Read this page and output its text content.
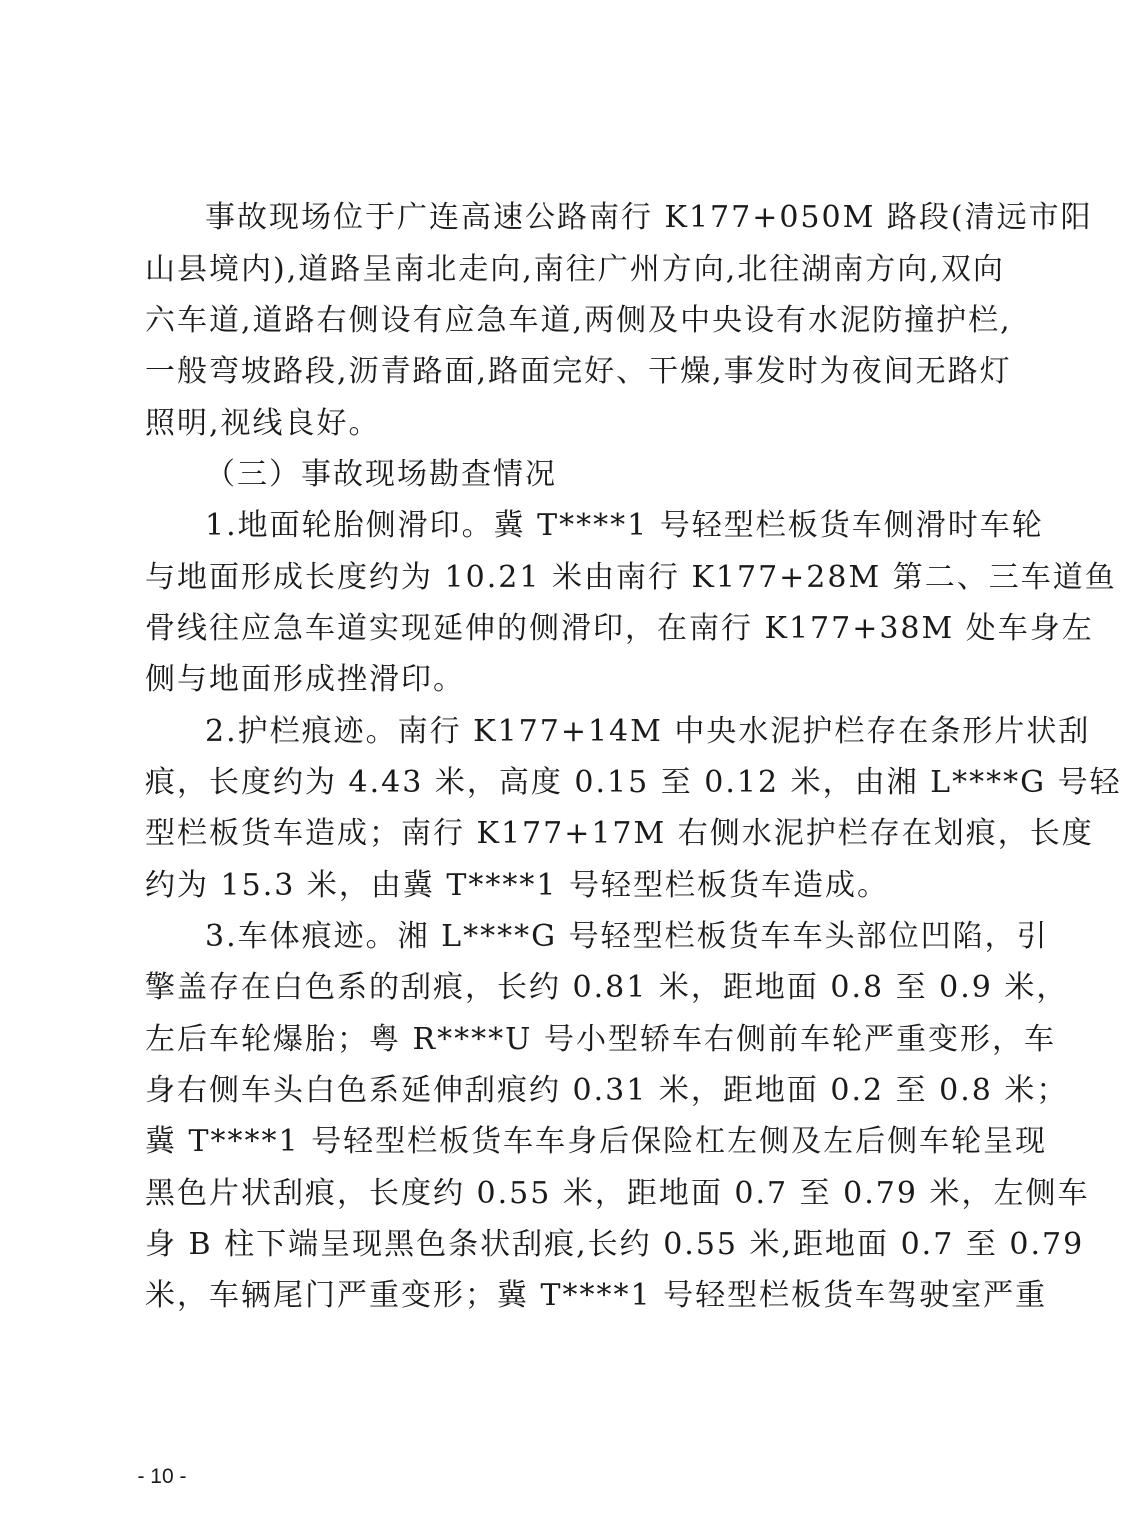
事故现场位于广连高速公路南行 K177+050M 路段(清远市阳
山县境内),道路呈南北走向,南往广州方向,北往湖南方向,双向
六车道,道路右侧设有应急车道,两侧及中央设有水泥防撞护栏,
一般弯坡路段,沥青路面,路面完好、干燥,事发时为夜间无路灯
照明,视线良好。
（三）事故现场勘查情况
1.地面轮胎侧滑印。冀 T****1 号轻型栏板货车侧滑时车轮
与地面形成长度约为 10.21 米由南行 K177+28M 第二、三车道鱼
骨线往应急车道实现延伸的侧滑印，在南行 K177+38M 处车身左
侧与地面形成挫滑印。
2.护栏痕迹。南行 K177+14M 中央水泥护栏存在条形片状刮
痕，长度约为 4.43 米，高度 0.15 至 0.12 米，由湘 L****G 号轻
型栏板货车造成；南行 K177+17M 右侧水泥护栏存在划痕，长度
约为 15.3 米，由冀 T****1 号轻型栏板货车造成。
3.车体痕迹。湘 L****G 号轻型栏板货车车头部位凹陷，引
擎盖存在白色系的刮痕，长约 0.81 米，距地面 0.8 至 0.9 米，
左后车轮爆胎；粤 R****U 号小型轿车右侧前车轮严重变形，车
身右侧车头白色系延伸刮痕约 0.31 米，距地面 0.2 至 0.8 米；
冀 T****1 号轻型栏板货车车身后保险杠左侧及左后侧车轮呈现
黑色片状刮痕，长度约 0.55 米，距地面 0.7 至 0.79 米，左侧车
身 B 柱下端呈现黑色条状刮痕,长约 0.55 米,距地面 0.7 至 0.79
米，车辆尾门严重变形；冀 T****1 号轻型栏板货车驾驶室严重
- 10 -
